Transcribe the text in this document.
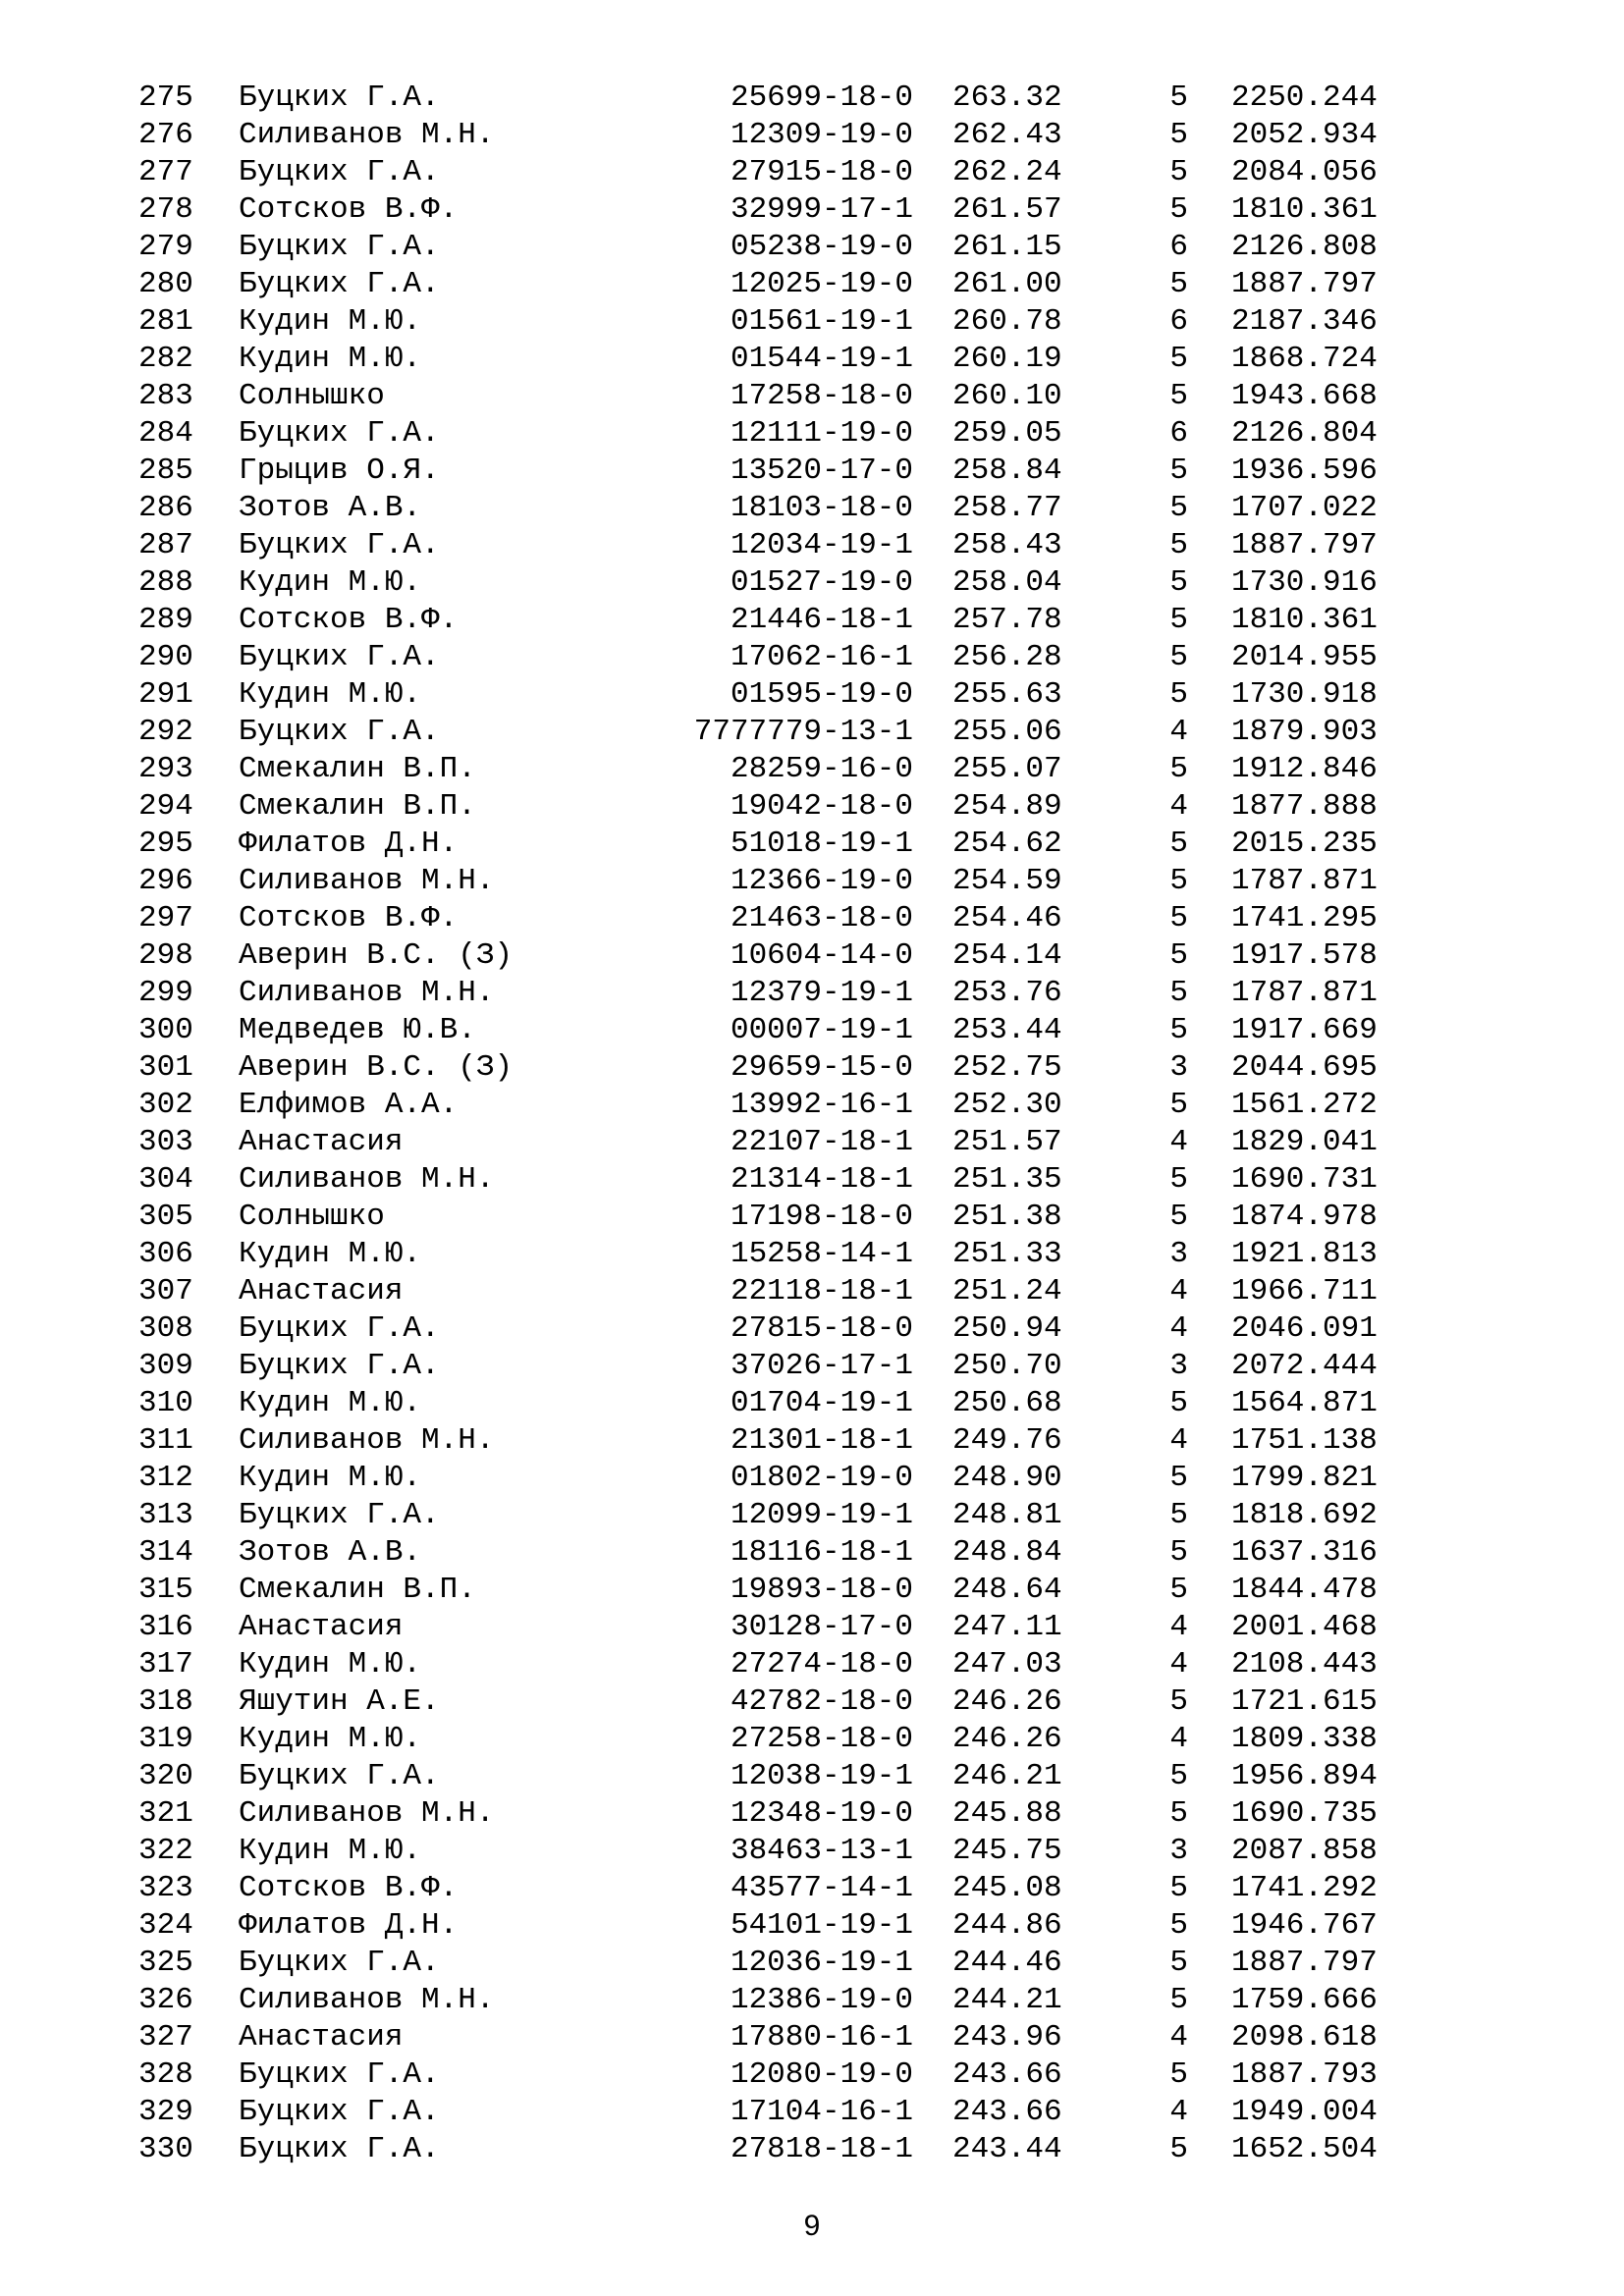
275	Буцких Г.А.	25699-18-0 263.32	5 2250.244
276	Силиванов М.Н.	12309-19-0 262.43	5 2052.934
277	Буцких Г.А.	27915-18-0 262.24	5 2084.056
278	Сотсков В.Ф.	32999-17-1 261.57	5 1810.361
279	Буцких Г.А.	05238-19-0 261.15	6 2126.808
280	Буцких Г.А.	12025-19-0 261.00	5 1887.797
281	Кудин М.Ю.	01561-19-1 260.78	6 2187.346
282	Кудин М.Ю.	01544-19-1 260.19	5 1868.724
283	Солнышко	17258-18-0 260.10	5 1943.668
284	Буцких Г.А.	12111-19-0 259.05	6 2126.804
285	Грыцив О.Я.	13520-17-0 258.84	5 1936.596
286	Зотов А.В.	18103-18-0 258.77	5 1707.022
287	Буцких Г.А.	12034-19-1 258.43	5 1887.797
288	Кудин М.Ю.	01527-19-0 258.04	5 1730.916
289	Сотсков В.Ф.	21446-18-1 257.78	5 1810.361
290	Буцких Г.А.	17062-16-1 256.28	5 2014.955
291	Кудин М.Ю.	01595-19-0 255.63	5 1730.918
292	Буцких Г.А.	7777779-13-1 255.06	4 1879.903
293	Смекалин В.П.	28259-16-0 255.07	5 1912.846
294	Смекалин В.П.	19042-18-0 254.89	4 1877.888
295	Филатов Д.Н.	51018-19-1 254.62	5 2015.235
296	Силиванов М.Н.	12366-19-0 254.59	5 1787.871
297	Сотсков В.Ф.	21463-18-0 254.46	5 1741.295
298	Аверин В.С. (З)	10604-14-0 254.14	5 1917.578
299	Силиванов М.Н.	12379-19-1 253.76	5 1787.871
300	Медведев Ю.В.	00007-19-1 253.44	5 1917.669
301	Аверин В.С. (З)	29659-15-0 252.75	3 2044.695
302	Елфимов А.А.	13992-16-1 252.30	5 1561.272
303	Анастасия	22107-18-1 251.57	4 1829.041
304	Силиванов М.Н.	21314-18-1 251.35	5 1690.731
305	Солнышко	17198-18-0 251.38	5 1874.978
306	Кудин М.Ю.	15258-14-1 251.33	3 1921.813
307	Анастасия	22118-18-1 251.24	4 1966.711
308	Буцких Г.А.	27815-18-0 250.94	4 2046.091
309	Буцких Г.А.	37026-17-1 250.70	3 2072.444
310	Кудин М.Ю.	01704-19-1 250.68	5 1564.871
311	Силиванов М.Н.	21301-18-1 249.76	4 1751.138
312	Кудин М.Ю.	01802-19-0 248.90	5 1799.821
313	Буцких Г.А.	12099-19-1 248.81	5 1818.692
314	Зотов А.В.	18116-18-1 248.84	5 1637.316
315	Смекалин В.П.	19893-18-0 248.64	5 1844.478
316	Анастасия	30128-17-0 247.11	4 2001.468
317	Кудин М.Ю.	27274-18-0 247.03	4 2108.443
318	Яшутин А.Е.	42782-18-0 246.26	5 1721.615
319	Кудин М.Ю.	27258-18-0 246.26	4 1809.338
320	Буцких Г.А.	12038-19-1 246.21	5 1956.894
321	Силиванов М.Н.	12348-19-0 245.88	5 1690.735
322	Кудин М.Ю.	38463-13-1 245.75	3 2087.858
323	Сотсков В.Ф.	43577-14-1 245.08	5 1741.292
324	Филатов Д.Н.	54101-19-1 244.86	5 1946.767
325	Буцких Г.А.	12036-19-1 244.46	5 1887.797
326	Силиванов М.Н.	12386-19-0 244.21	5 1759.666
327	Анастасия	17880-16-1 243.96	4 2098.618
328	Буцких Г.А.	12080-19-0 243.66	5 1887.793
329	Буцких Г.А.	17104-16-1 243.66	4 1949.004
330	Буцких Г.А.	27818-18-1 243.44	5 1652.504
9
